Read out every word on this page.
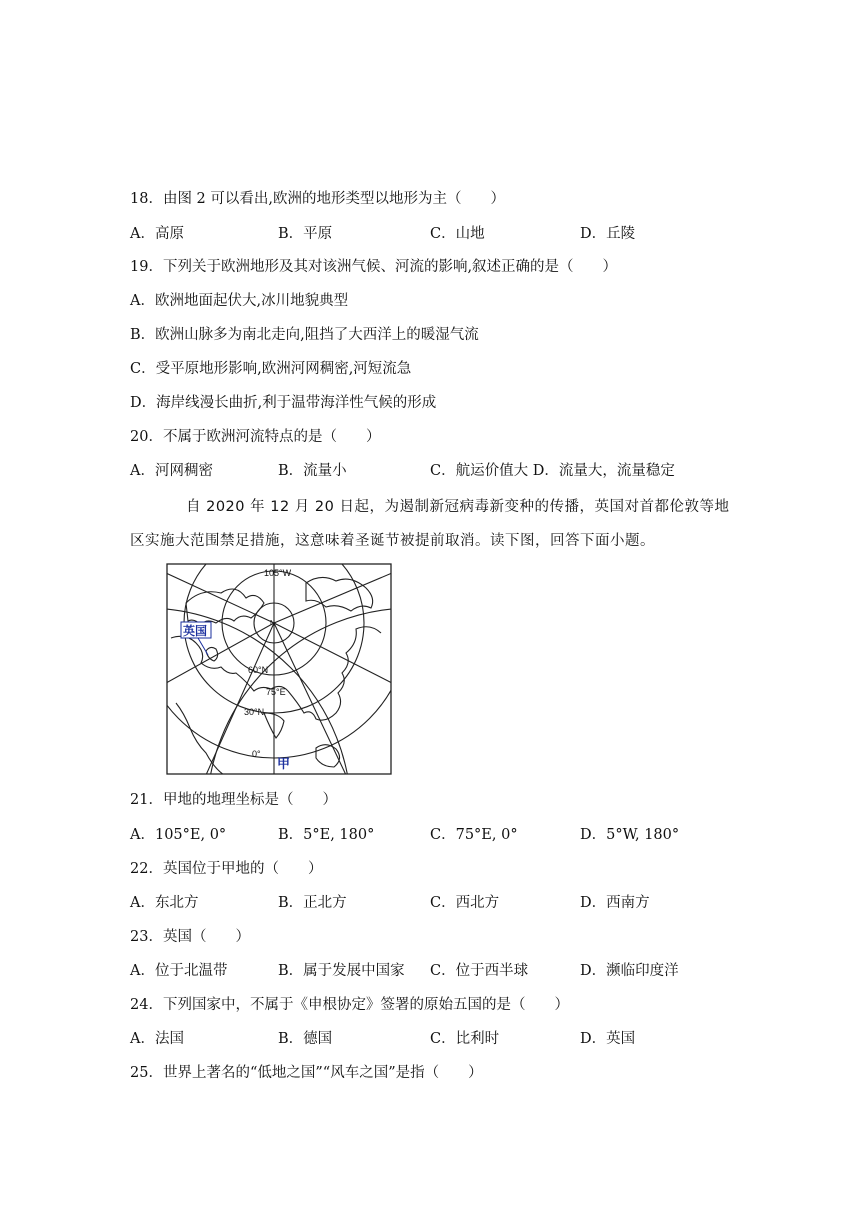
18．由图 2 可以看出,欧洲的地形类型以地形为主（　　）
A．高原	B．平原	C．山地	D．丘陵
19．下列关于欧洲地形及其对该洲气候、河流的影响,叙述正确的是（　　）
A．欧洲地面起伏大,冰川地貌典型
B．欧洲山脉多为南北走向,阻挡了大西洋上的暖湿气流
C．受平原地形影响,欧洲河网稠密,河短流急
D．海岸线漫长曲折,利于温带海洋性气候的形成
20．不属于欧洲河流特点的是（　　）
A．河网稠密	B．流量小	C．航运价值大 D．流量大，流量稳定
自 2020 年 12 月 20 日起，为遏制新冠病毒新变种的传播，英国对首都伦敦等地
区实施大范围禁足措施，这意味着圣诞节被提前取消。读下图，回答下面小题。
105°W
N
英国
60°N
75°E
30°N
0°
甲
21．甲地的地理坐标是（　　）
A．105°E, 0°	B．5°E, 180°	C．75°E, 0°	D．5°W, 180°
22．英国位于甲地的（　　）
A．东北方	B．正北方	C．西北方	D．西南方
23．英国（　　）
A．位于北温带	B．属于发展中国家 C．位于西半球	D．濒临印度洋
24．下列国家中，不属于《申根协定》签署的原始五国的是（　　）
A．法国	B．德国	C．比利时	D．英国
25．世界上著名的“低地之国”“风车之国”是指（　　）
